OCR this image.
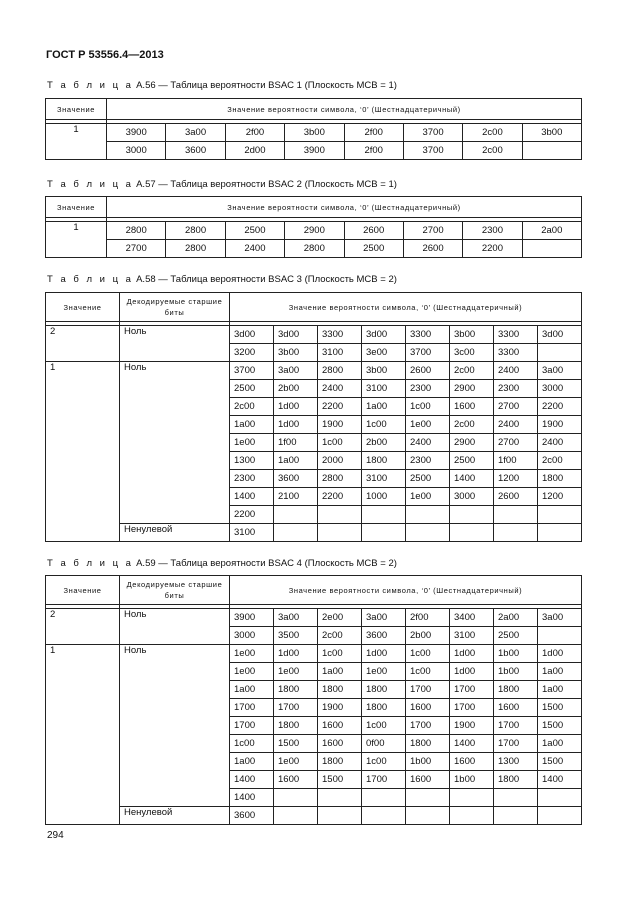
ГОСТ Р 53556.4—2013
Т а б л и ц а А.56 — Таблица вероятности BSAC 1 (Плоскость MCB = 1)
Значение	Значение вероятности символа, ‘0’ (Шестнадцатеричный)							

1	3900	3a00	2f00	3b00	2f00	3700	2c00	3b00
	3000	3600	2d00	3900	2f00	3700	2c00	
Т а б л и ц а А.57 — Таблица вероятности BSAC 2 (Плоскость MCB = 1)
Значение	Значение вероятности символа, ‘0’ (Шестнадцатеричный)							

1	2800	2800	2500	2900	2600	2700	2300	2a00
	2700	2800	2400	2800	2500	2600	2200	
Т а б л и ц а А.58 — Таблица вероятности BSAC 3 (Плоскость MCB = 2)
Значение	Декодируемые старшие биты	Значение вероятности символа, ‘0’ (Шестнадцатеричный)							

2	Ноль	3d00	3d00	3300	3d00	3300	3b00	3300	3d00
		3200	3b00	3100	3e00	3700	3c00	3300	
1	Ноль	3700	3a00	2800	3b00	2600	2c00	2400	3a00
		2500	2b00	2400	3100	2300	2900	2300	3000
		2c00	1d00	2200	1a00	1c00	1600	2700	2200
		1a00	1d00	1900	1c00	1e00	2c00	2400	1900
		1e00	1f00	1c00	2b00	2400	2900	2700	2400
		1300	1a00	2000	1800	2300	2500	1f00	2c00
		2300	3600	2800	3100	2500	1400	1200	1800
		1400	2100	2200	1000	1e00	3000	2600	1200
		2200							
	Ненулевой	3100							
Т а б л и ц а А.59 — Таблица вероятности BSAC 4 (Плоскость MCB = 2)
Значение	Декодируемые старшие биты	Значение вероятности символа, ‘0’ (Шестнадцатеричный)							

2	Ноль	3900	3a00	2e00	3a00	2f00	3400	2a00	3a00
		3000	3500	2c00	3600	2b00	3100	2500	
1	Ноль	1e00	1d00	1c00	1d00	1c00	1d00	1b00	1d00
		1e00	1e00	1a00	1e00	1c00	1d00	1b00	1a00
		1a00	1800	1800	1800	1700	1700	1800	1a00
		1700	1700	1900	1800	1600	1700	1600	1500
		1700	1800	1600	1c00	1700	1900	1700	1500
		1c00	1500	1600	0f00	1800	1400	1700	1a00
		1a00	1e00	1800	1c00	1b00	1600	1300	1500
		1400	1600	1500	1700	1600	1b00	1800	1400
		1400							
	Ненулевой	3600							
294
